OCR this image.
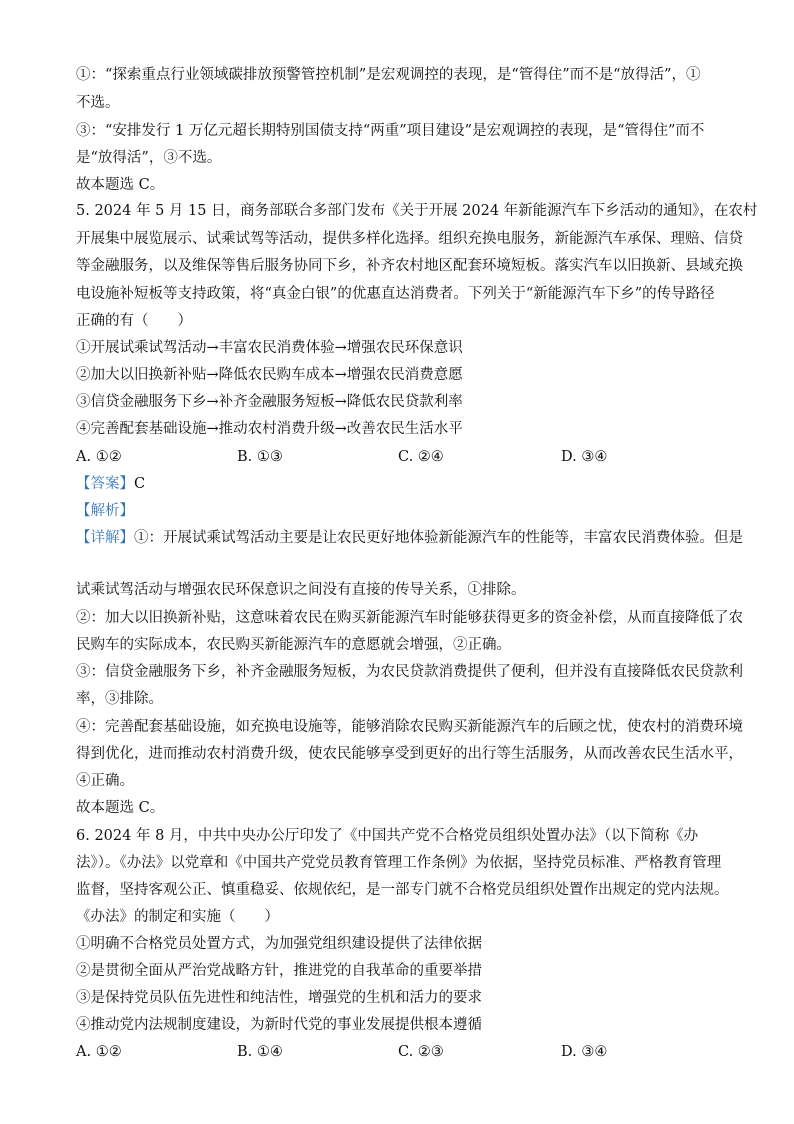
①：“探索重点行业领域碳排放预警管控机制”是宏观调控的表现，是“管得住”而不是“放得活”，①
不选。
③：“安排发行 1 万亿元超长期特别国债支持“两重”项目建设”是宏观调控的表现，是“管得住”而不
是“放得活”，③不选。
故本题选 C。
5. 2024 年 5 月 15 日，商务部联合多部门发布《关于开展 2024 年新能源汽车下乡活动的通知》，在农村
开展集中展览展示、试乘试驾等活动，提供多样化选择。组织充换电服务，新能源汽车承保、理赔、信贷
等金融服务，以及维保等售后服务协同下乡，补齐农村地区配套环境短板。落实汽车以旧换新、县域充换
电设施补短板等支持政策，将“真金白银”的优惠直达消费者。下列关于“新能源汽车下乡”的传导路径
正确的有（　　）
①开展试乘试驾活动→丰富农民消费体验→增强农民环保意识
②加大以旧换新补贴→降低农民购车成本→增强农民消费意愿
③信贷金融服务下乡→补齐金融服务短板→降低农民贷款利率
④完善配套基础设施→推动农村消费升级→改善农民生活水平
A. ①②	B. ①③	C. ②④	D. ③④
【答案】C
【解析】
【详解】①：开展试乘试驾活动主要是让农民更好地体验新能源汽车的性能等，丰富农民消费体验。但是
试乘试驾活动与增强农民环保意识之间没有直接的传导关系，①排除。
②：加大以旧换新补贴，这意味着农民在购买新能源汽车时能够获得更多的资金补偿，从而直接降低了农
民购车的实际成本，农民购买新能源汽车的意愿就会增强，②正确。
③：信贷金融服务下乡，补齐金融服务短板，为农民贷款消费提供了便利，但并没有直接降低农民贷款利
率，③排除。
④：完善配套基础设施，如充换电设施等，能够消除农民购买新能源汽车的后顾之忧，使农村的消费环境
得到优化，进而推动农村消费升级，使农民能够享受到更好的出行等生活服务，从而改善农民生活水平，
④正确。
故本题选 C。
6. 2024 年 8 月，中共中央办公厅印发了《中国共产党不合格党员组织处置办法》（以下简称《办
法》）。《办法》以党章和《中国共产党党员教育管理工作条例》为依据，坚持党员标准、严格教育管理
监督，坚持客观公正、慎重稳妥、依规依纪，是一部专门就不合格党员组织处置作出规定的党内法规。
《办法》的制定和实施（　　）
①明确不合格党员处置方式，为加强党组织建设提供了法律依据
②是贯彻全面从严治党战略方针，推进党的自我革命的重要举措
③是保持党员队伍先进性和纯洁性，增强党的生机和活力的要求
④推动党内法规制度建设，为新时代党的事业发展提供根本遵循
A. ①②	B. ①④	C. ②③	D. ③④
